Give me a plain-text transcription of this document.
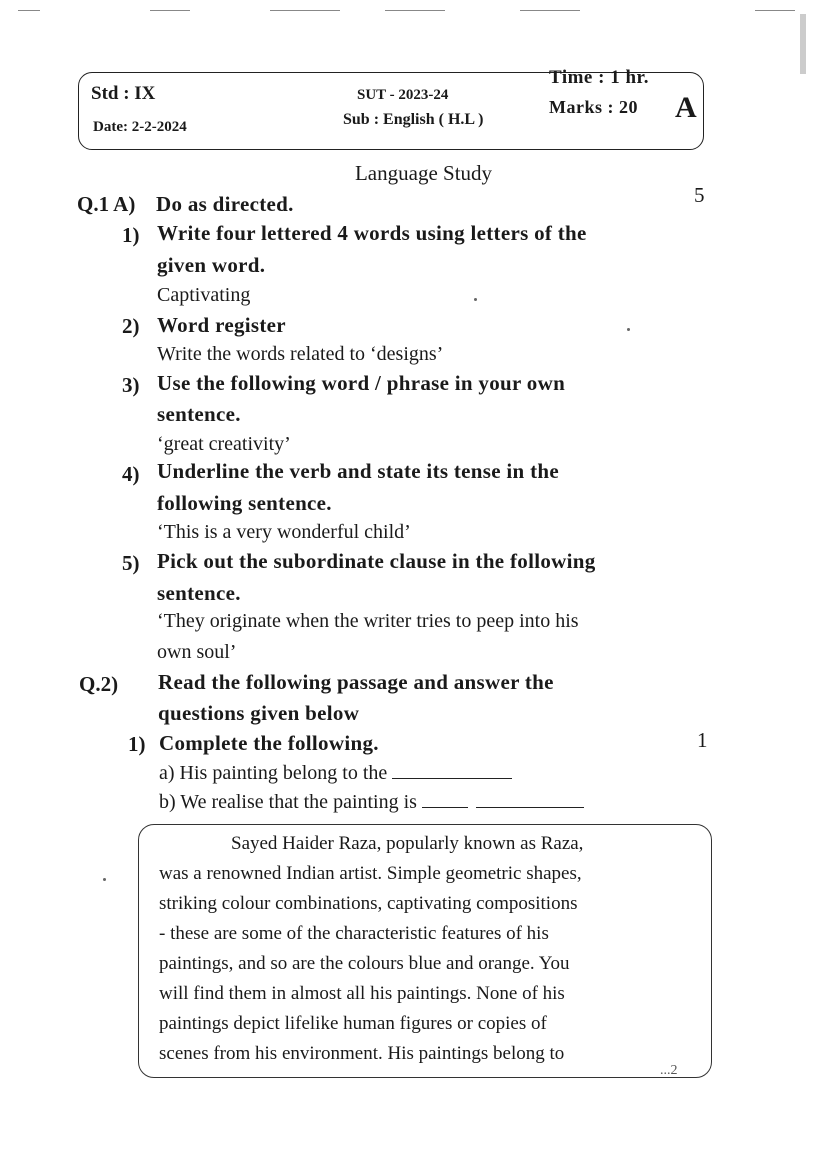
Std : IX
Date: 2-2-2024
SUT - 2023-24
Sub : English ( H.L )
Time : 1 hr.
Marks : 20 A
Language Study
Q.1 A) Do as directed.	5
1) Write four lettered 4 words using letters of the
given word.
Captivating
2) Word register
Write the words related to ‘designs’
3) Use the following word / phrase in your own
sentence.
‘great creativity’
4) Underline the verb and state its tense in the
following sentence.
‘This is a very wonderful child’
5) Pick out the subordinate clause in the following
sentence.
‘They originate when the writer tries to peep into his
own soul’
Q.2) Read the following passage and answer the
questions given below
1) Complete the following.	1
a) His painting belong to the
b) We realise that the painting is
Sayed Haider Raza, popularly known as Raza,
was a renowned Indian artist. Simple geometric shapes,
striking colour combinations, captivating compositions
- these are some of the characteristic features of his
paintings, and so are the colours blue and orange. You
will find them in almost all his paintings. None of his
paintings depict lifelike human figures or copies of
scenes from his environment. His paintings belong to
...2
